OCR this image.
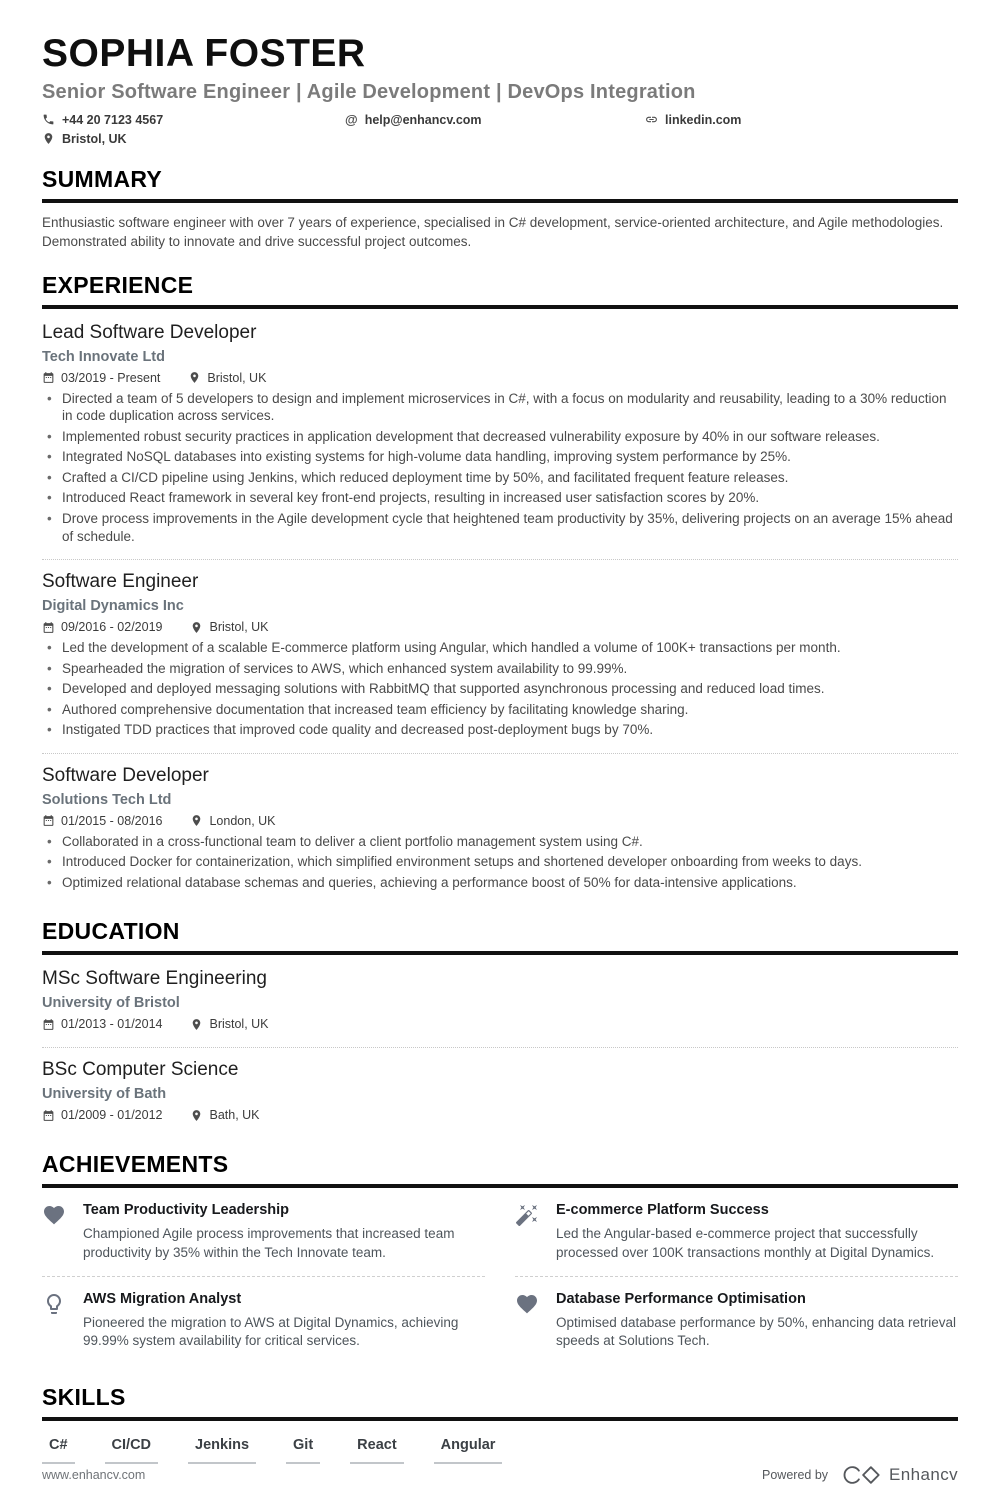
SOPHIA FOSTER
Senior Software Engineer | Agile Development | DevOps Integration
+44 20 7123 4567	@ help@enhancv.com	linkedin.com
Bristol, UK
SUMMARY

Enthusiastic software engineer with over 7 years of experience, specialised in C# development, service-oriented architecture, and Agile methodologies. Demonstrated ability to innovate and drive successful project outcomes.

EXPERIENCE
Lead Software Developer
Tech Innovate Ltd
03/2019 - Present	Bristol, UK
• Directed a team of 5 developers to design and implement microservices in C#, with a focus on modularity and reusability, leading to a 30% reduction in code duplication across services.
• Implemented robust security practices in application development that decreased vulnerability exposure by 40% in our software releases.
• Integrated NoSQL databases into existing systems for high-volume data handling, improving system performance by 25%.
• Crafted a CI/CD pipeline using Jenkins, which reduced deployment time by 50%, and facilitated frequent feature releases.
• Introduced React framework in several key front-end projects, resulting in increased user satisfaction scores by 20%.
• Drove process improvements in the Agile development cycle that heightened team productivity by 35%, delivering projects on an average 15% ahead of schedule.
Software Engineer
Digital Dynamics Inc
09/2016 - 02/2019	Bristol, UK
• Led the development of a scalable E-commerce platform using Angular, which handled a volume of 100K+ transactions per month.
• Spearheaded the migration of services to AWS, which enhanced system availability to 99.99%.
• Developed and deployed messaging solutions with RabbitMQ that supported asynchronous processing and reduced load times.
• Authored comprehensive documentation that increased team efficiency by facilitating knowledge sharing.
• Instigated TDD practices that improved code quality and decreased post-deployment bugs by 70%.
Software Developer
Solutions Tech Ltd
01/2015 - 08/2016	London, UK
• Collaborated in a cross-functional team to deliver a client portfolio management system using C#.
• Introduced Docker for containerization, which simplified environment setups and shortened developer onboarding from weeks to days.
• Optimized relational database schemas and queries, achieving a performance boost of 50% for data-intensive applications.
EDUCATION
MSc Software Engineering
University of Bristol
01/2013 - 01/2014	Bristol, UK
BSc Computer Science
University of Bath
01/2009 - 01/2012	Bath, UK
ACHIEVEMENTS
Team Productivity Leadership
Championed Agile process improvements that increased team productivity by 35% within the Tech Innovate team.
E-commerce Platform Success
Led the Angular-based e-commerce project that successfully processed over 100K transactions monthly at Digital Dynamics.
AWS Migration Analyst
Pioneered the migration to AWS at Digital Dynamics, achieving 99.99% system availability for critical services.
Database Performance Optimisation
Optimised database performance by 50%, enhancing data retrieval speeds at Solutions Tech.
SKILLS
C#	CI/CD	Jenkins	Git	React	Angular
www.enhancv.com	Powered by	Enhancv
